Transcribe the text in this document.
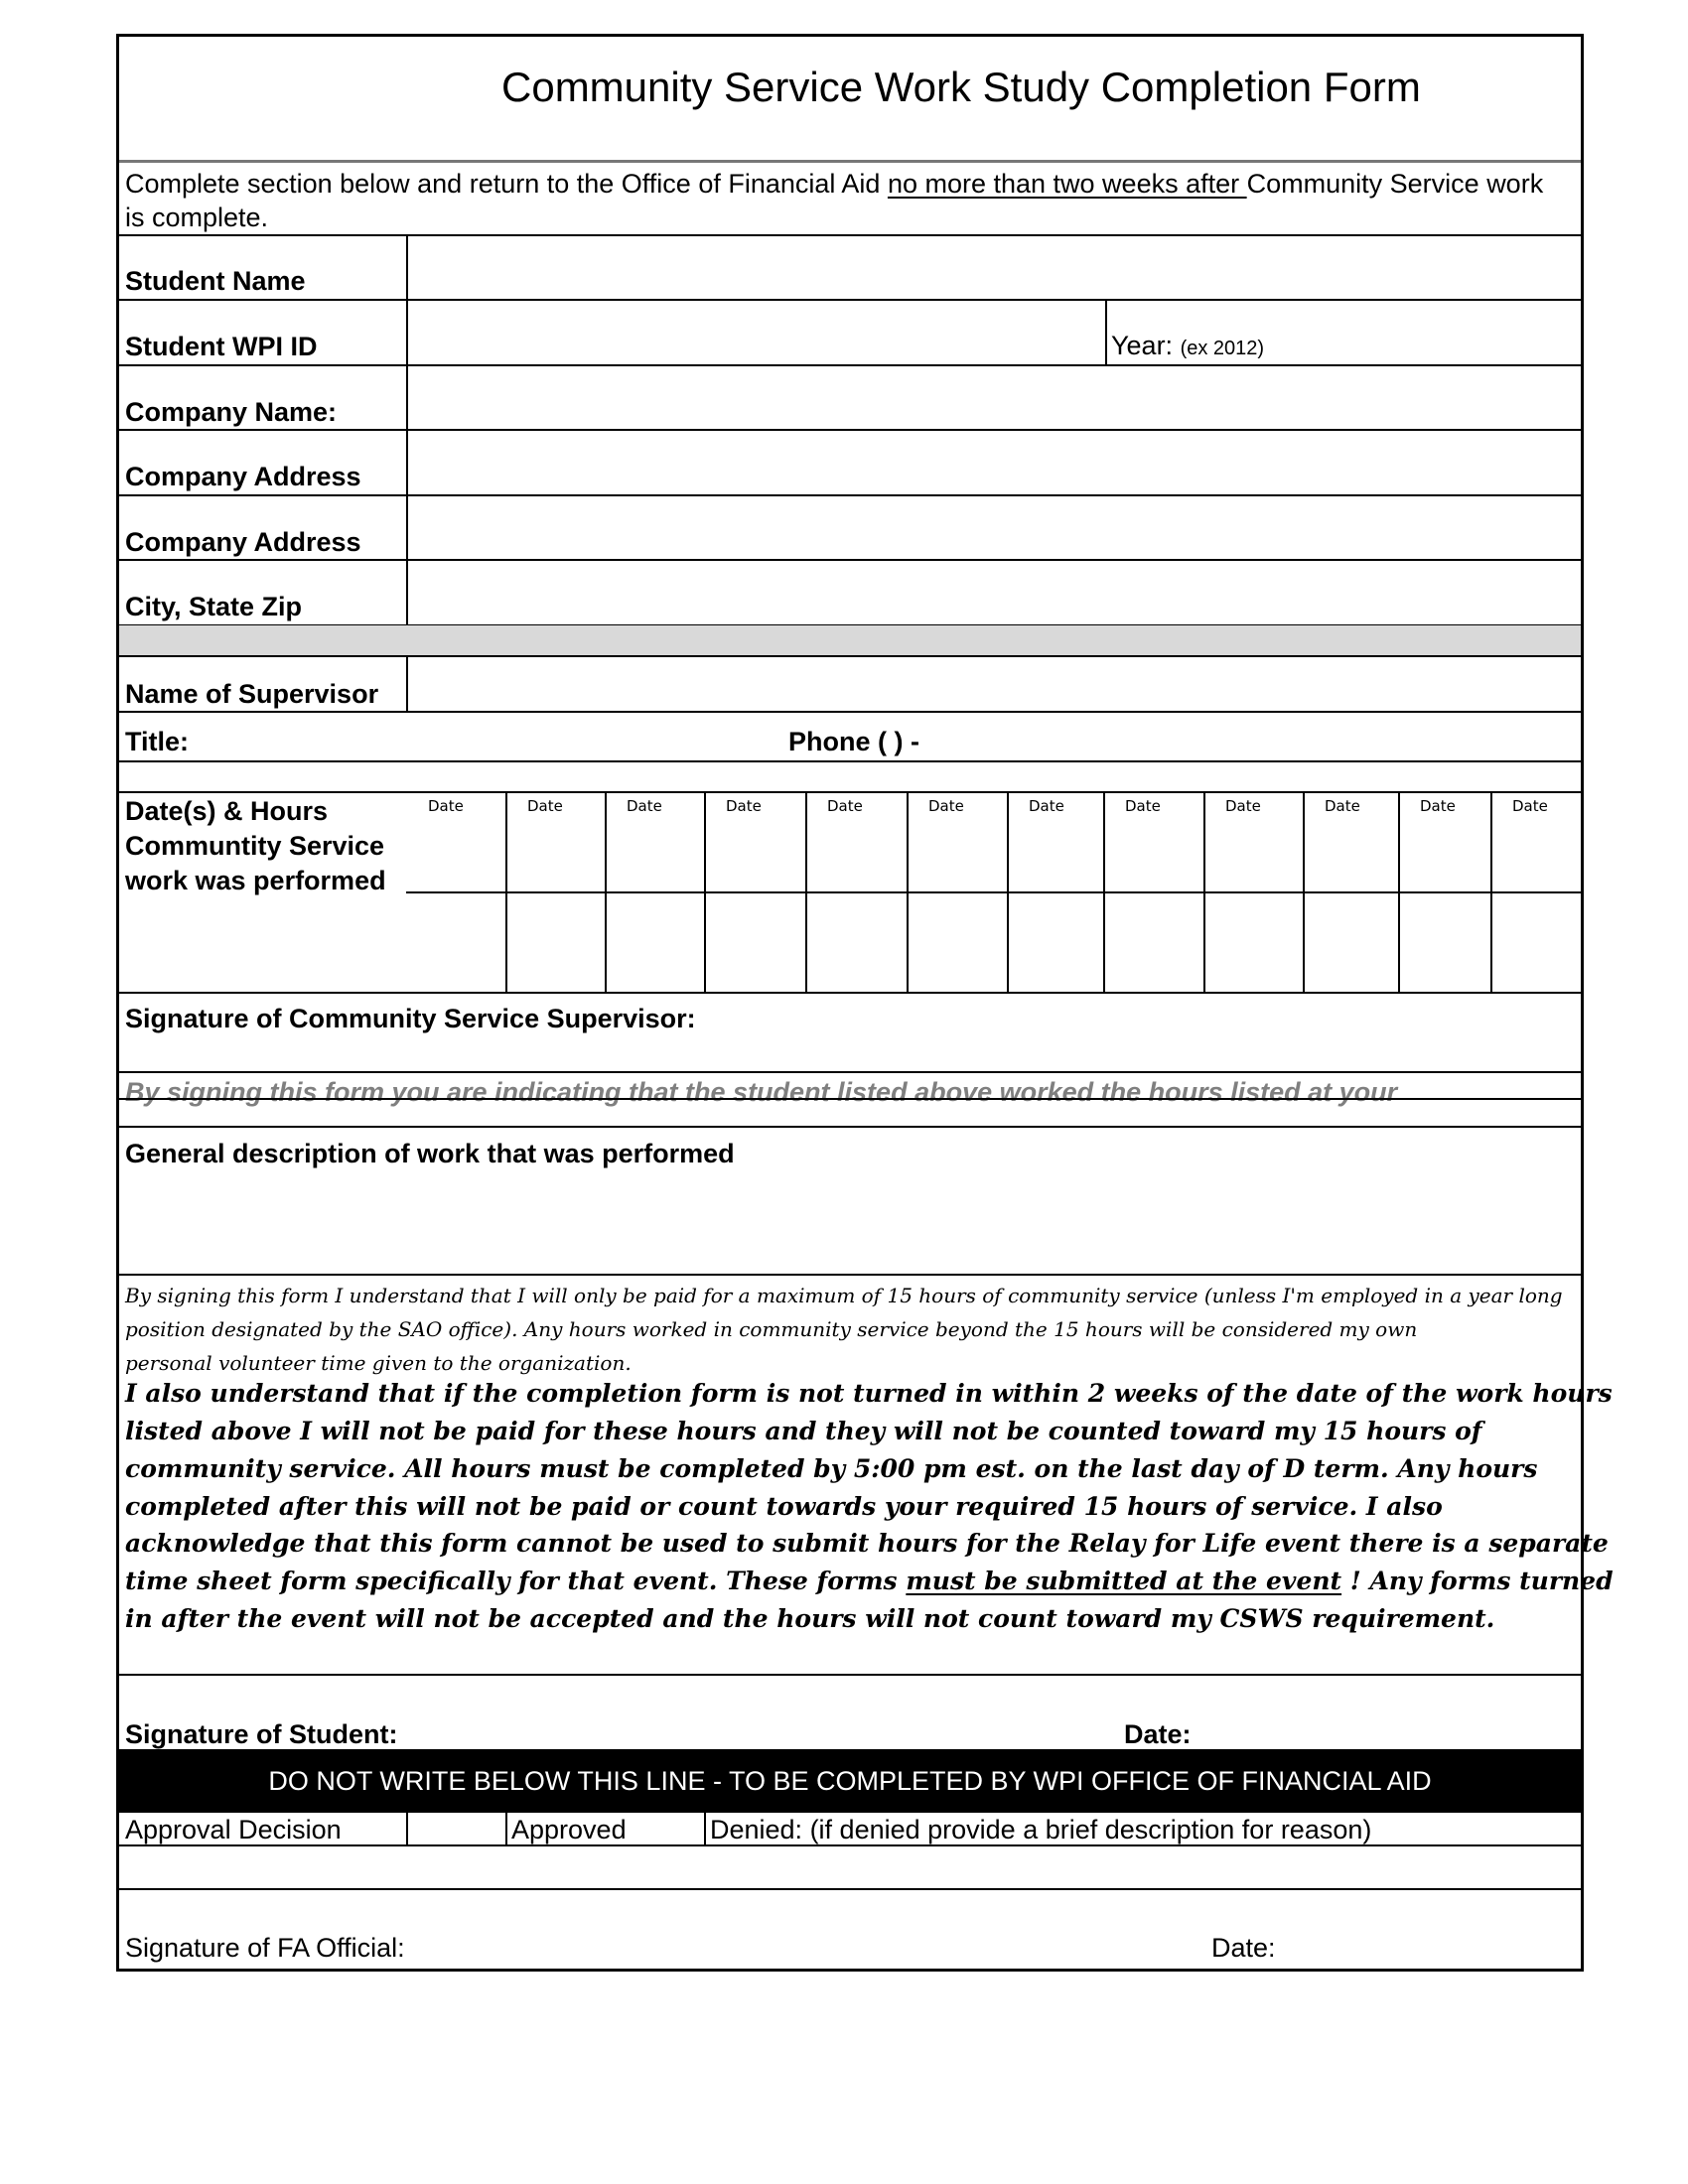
Community Service Work Study Completion Form
Complete section below and return to the Office of Financial Aid no more than two weeks after Community Service work
is complete.
Student Name
Student WPI ID	Year: (ex 2012)
Company Name:
Company Address
Company Address
City, State Zip
Name of Supervisor
Title:	Phone ( ) -
Date(s) & Hours
Communtity Service
work was performed
Date	Date	Date	Date	Date	Date	Date	Date	Date	Date	Date	Date
Signature of Community Service Supervisor:
By signing this form you are indicating that the student listed above worked the hours listed at your
General description of work that was performed
By signing this form I understand that I will only be paid for a maximum of 15 hours of community service (unless I'm employed in a year long
position designated by the SAO office). Any hours worked in community service beyond the 15 hours will be considered my own
personal volunteer time given to the organization.
I also understand that if the completion form is not turned in within 2 weeks of the date of the work hours
listed above I will not be paid for these hours and they will not be counted toward my 15 hours of
community service. All hours must be completed by 5:00 pm est. on the last day of D term. Any hours
completed after this will not be paid or count towards your required 15 hours of service. I also
acknowledge that this form cannot be used to submit hours for the Relay for Life event there is a separate
time sheet form specifically for that event. These forms must be submitted at the event ! Any forms turned
in after the event will not be accepted and the hours will not count toward my CSWS requirement.
Signature of Student:	Date:
DO NOT WRITE BELOW THIS LINE - TO BE COMPLETED BY WPI OFFICE OF FINANCIAL AID
Approval Decision	Approved	Denied: (if denied provide a brief description for reason)
Signature of FA Official:	Date:
